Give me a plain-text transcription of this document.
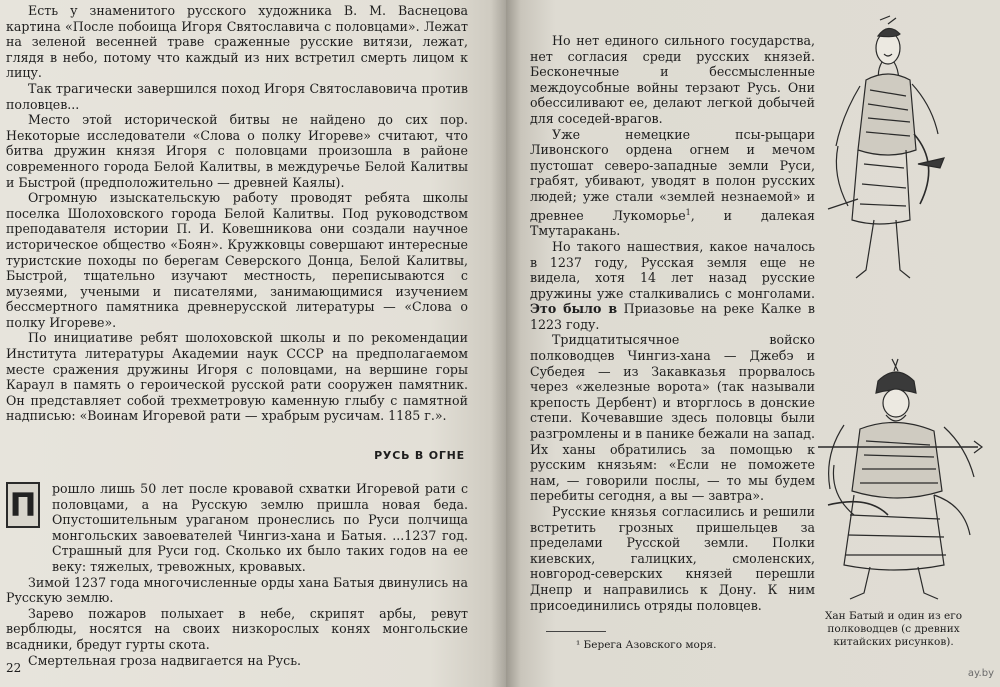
Есть у знаменитого русского художника В. М. Васнецова картина «После побоища Игоря Святославича с половцами». Лежат на зеленой весенней траве сраженные русские витязи, лежат, глядя в небо, потому что каждый из них встретил смерть лицом к лицу.

Так трагически завершился поход Игоря Святославовича против половцев...

Место этой исторической битвы не найдено до сих пор. Некоторые исследователи «Слова о полку Игореве» считают, что битва дружин князя Игоря с половцами произошла в районе современного города Белой Калитвы, в междуречье Белой Калитвы и Быстрой (предположительно — древней Каялы).

Огромную изыскательскую работу проводят ребята школы поселка Шолоховского города Белой Калитвы. Под руководством преподавателя истории П. И. Ковешникова они создали научное историческое общество «Боян». Кружковцы совершают интересные туристские походы по берегам Северского Донца, Белой Калитвы, Быстрой, тщательно изучают местность, переписываются с музеями, учеными и писателями, занимающимися изучением бессмертного памятника древнерусской литературы — «Слова о полку Игореве».

По инициативе ребят шолоховской школы и по рекомендации Института литературы Академии наук СССР на предполагаемом месте сражения дружины Игоря с половцами, на вершине горы Караул в память о героической русской рати сооружен памятник. Он представляет собой трехметровую каменную глыбу с памятной надписью: «Воинам Игоревой рати — храбрым русичам. 1185 г.».

РУСЬ В ОГНЕ
П	рошло лишь 50 лет после кровавой схватки Игоревой рати с половцами, а на Русскую землю пришла новая беда. Опустошительным ураганом пронеслись по Руси полчища монгольских завоевателей Чингиз-хана и Батыя. ...1237 год. Страшный для Руси год. Сколько их было таких годов на ее веку: тяжелых, тревожных, кровавых.

Зимой 1237 года многочисленные орды хана Батыя двинулись на Русскую землю.

Зарево пожаров полыхает в небе, скрипят арбы, ревут верблюды, носятся на своих низкорослых конях монгольские всадники, бредут гурты скота.

Смертельная гроза надвигается на Русь.

22

Но нет единого сильного государства, нет согласия среди русских князей. Бесконечные и бессмысленные междоусобные войны терзают Русь. Они обессиливают ее, делают легкой добычей для соседей-врагов.

Уже немецкие псы-рыцари Ливонского ордена огнем и мечом пустошат северо-западные земли Руси, грабят, убивают, уводят в полон русских людей; уже стали «землей незнаемой» и древнее Лукоморье$^1$, и далекая Тмутаракань.

Но такого нашествия, какое началось в 1237 году, Русская земля еще не видела, хотя 14 лет назад русские дружины уже сталкивались с монголами. Это было в Приазовье на реке Калке в 1223 году.

Тридцатитысячное войско полководцев Чингиз-хана — Джебэ и Субедея — из Закавказья прорвалось через «железные ворота» (так называли крепость Дербент) и вторглось в донские степи. Кочевавшие здесь половцы были разгромлены и в панике бежали на запад. Их ханы обратились за помощью к русским князьям: «Если не поможете нам, — говорили послы, — то мы будем перебиты сегодня, а вы — завтра».

Русские князья согласились и решили встретить грозных пришельцев за пределами Русской земли. Полки киевских, галицких, смоленских, новгород-северских князей перешли Днепр и направились к Дону. К ним присоединились отряды половцев.

Хан Батый и один из его полководцев (с древних китайских рисунков).
¹ Берега Азовского моря.
ay.by
